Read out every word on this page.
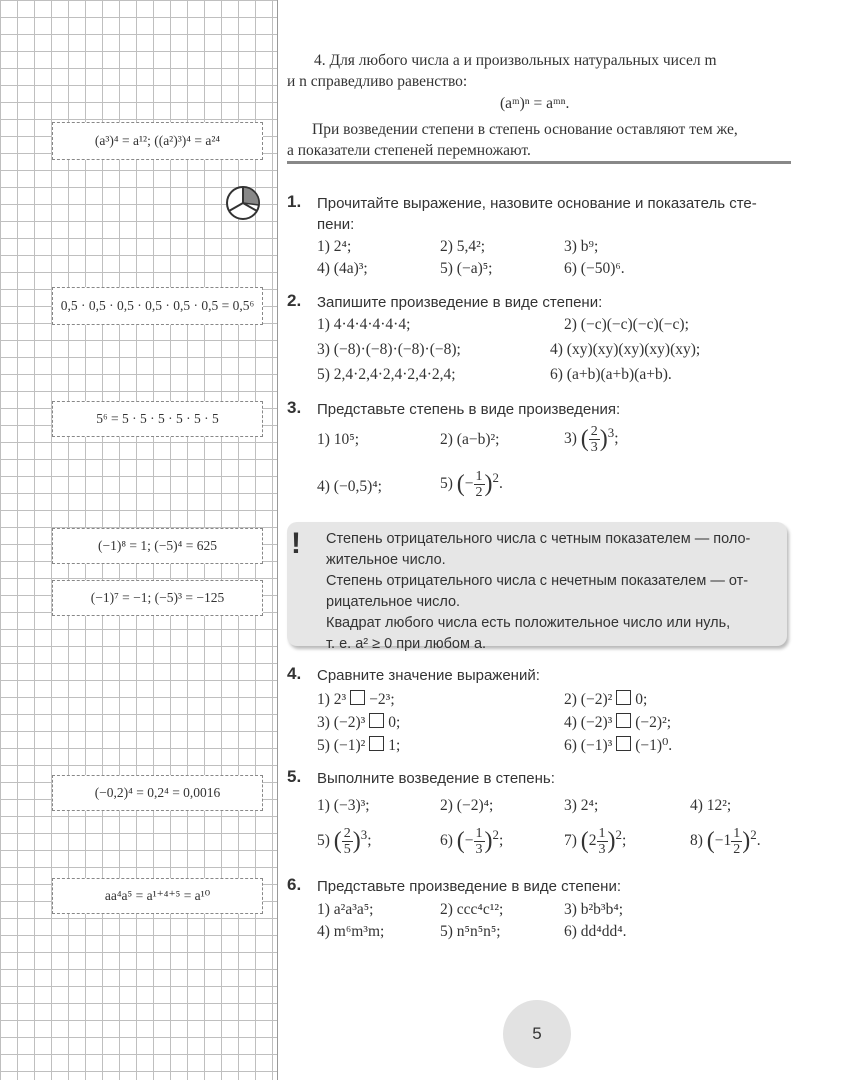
(a³)⁴ = a¹²; ((a²)³)⁴ = a²⁴
0,5 · 0,5 · 0,5 · 0,5 · 0,5 · 0,5 = 0,5⁶
5⁶ = 5 · 5 · 5 · 5 · 5 · 5
(−1)⁸ = 1; (−5)⁴ = 625
(−1)⁷ = −1; (−5)³ = −125
(−0,2)⁴ = 0,2⁴ = 0,0016
aa⁴a⁵ = a¹⁺⁴⁺⁵ = a¹⁰
4. Для любого числа a и произвольных натуральных чисел m
и n справедливо равенство:
(aᵐ)ⁿ = aᵐⁿ.
При возведении степени в степень основание оставляют тем же,
а показатели степеней перемножают.
1. Прочитайте выражение, назовите основание и показатель сте-
пени:
1) 2⁴;	2) 5,4²;	3) b⁹;
4) (4a)³;	5) (−a)⁵;	6) (−50)⁶.
2. Запишите произведение в виде степени:
1) 4·4·4·4·4·4;	2) (−c)(−c)(−c)(−c);
3) (−8)·(−8)·(−8)·(−8);	4) (xy)(xy)(xy)(xy)(xy);
5) 2,4·2,4·2,4·2,4·2,4;	6) (a+b)(a+b)(a+b).
3. Представьте степень в виде произведения:
1) 10⁵;	2) (a−b)²;	3) ( $\frac{2}{3} )^3$;
4) (−0,5)⁴;	5) (− $\frac{1}{2} )^2$.
! Степень отрицательного числа с четным показателем — поло-
жительное число.
Степень отрицательного числа с нечетным показателем — от-
рицательное число.
Квадрат любого числа есть положительное число или нуль,
т. е. a² ≥ 0 при любом a.
4. Сравните значение выражений:
1) 2³ −2³;	2) (−2)² 0;
3) (−2)³ 0;	4) (−2)³ (−2)²;
5) (−1)² 1;	6) (−1)³ (−1)⁰.
5. Выполните возведение в степень:
1) (−3)³;	2) (−2)⁴;	3) 2⁴;	4) 12²;
5) ( $\frac{2}{5} )^3$;	6) (− $\frac{1}{3} )^2$;	7) $(2 \frac{1}{3} )^2$;	8) $(-1 \frac{1}{2} )^2$.
6. Представьте произведение в виде степени:
1) a²a³a⁵;	2) ccc⁴c¹²;	3) b²b³b⁴;
4) m⁶m³m;	5) n⁵n⁵n⁵;	6) dd⁴dd⁴.
5
